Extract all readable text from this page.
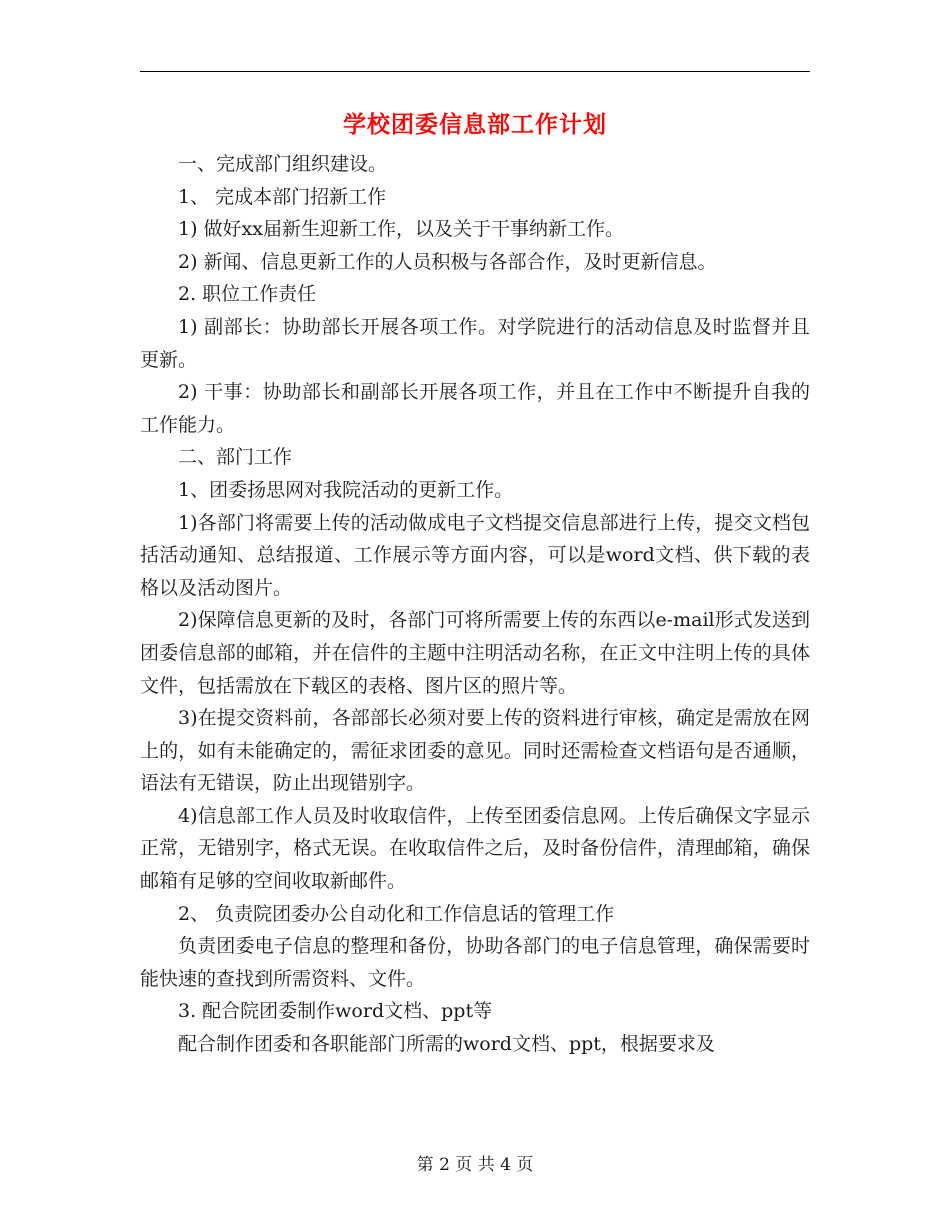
学校团委信息部工作计划

一、完成部门组织建设。

1、 完成本部门招新工作

1) 做好xx届新生迎新工作，以及关于干事纳新工作。

2) 新闻、信息更新工作的人员积极与各部合作，及时更新信息。

2. 职位工作责任

1) 副部长：协助部长开展各项工作。对学院进行的活动信息及时监督并且更新。

2) 干事：协助部长和副部长开展各项工作，并且在工作中不断提升自我的工作能力。

二、部门工作

1、团委扬思网对我院活动的更新工作。

1)各部门将需要上传的活动做成电子文档提交信息部进行上传，提交文档包括活动通知、总结报道、工作展示等方面内容，可以是word文档、供下载的表格以及活动图片。

2)保障信息更新的及时，各部门可将所需要上传的东西以e-mail形式发送到团委信息部的邮箱，并在信件的主题中注明活动名称，在正文中注明上传的具体文件，包括需放在下载区的表格、图片区的照片等。

3)在提交资料前，各部部长必须对要上传的资料进行审核，确定是需放在网上的，如有未能确定的，需征求团委的意见。同时还需检查文档语句是否通顺，语法有无错误，防止出现错别字。

4)信息部工作人员及时收取信件，上传至团委信息网。上传后确保文字显示正常，无错别字，格式无误。在收取信件之后，及时备份信件，清理邮箱，确保邮箱有足够的空间收取新邮件。

2、 负责院团委办公自动化和工作信息话的管理工作

负责团委电子信息的整理和备份，协助各部门的电子信息管理，确保需要时能快速的查找到所需资料、文件。

3. 配合院团委制作word文档、ppt等

配合制作团委和各职能部门所需的word文档、ppt，根据要求及

第 2 页 共 4 页
